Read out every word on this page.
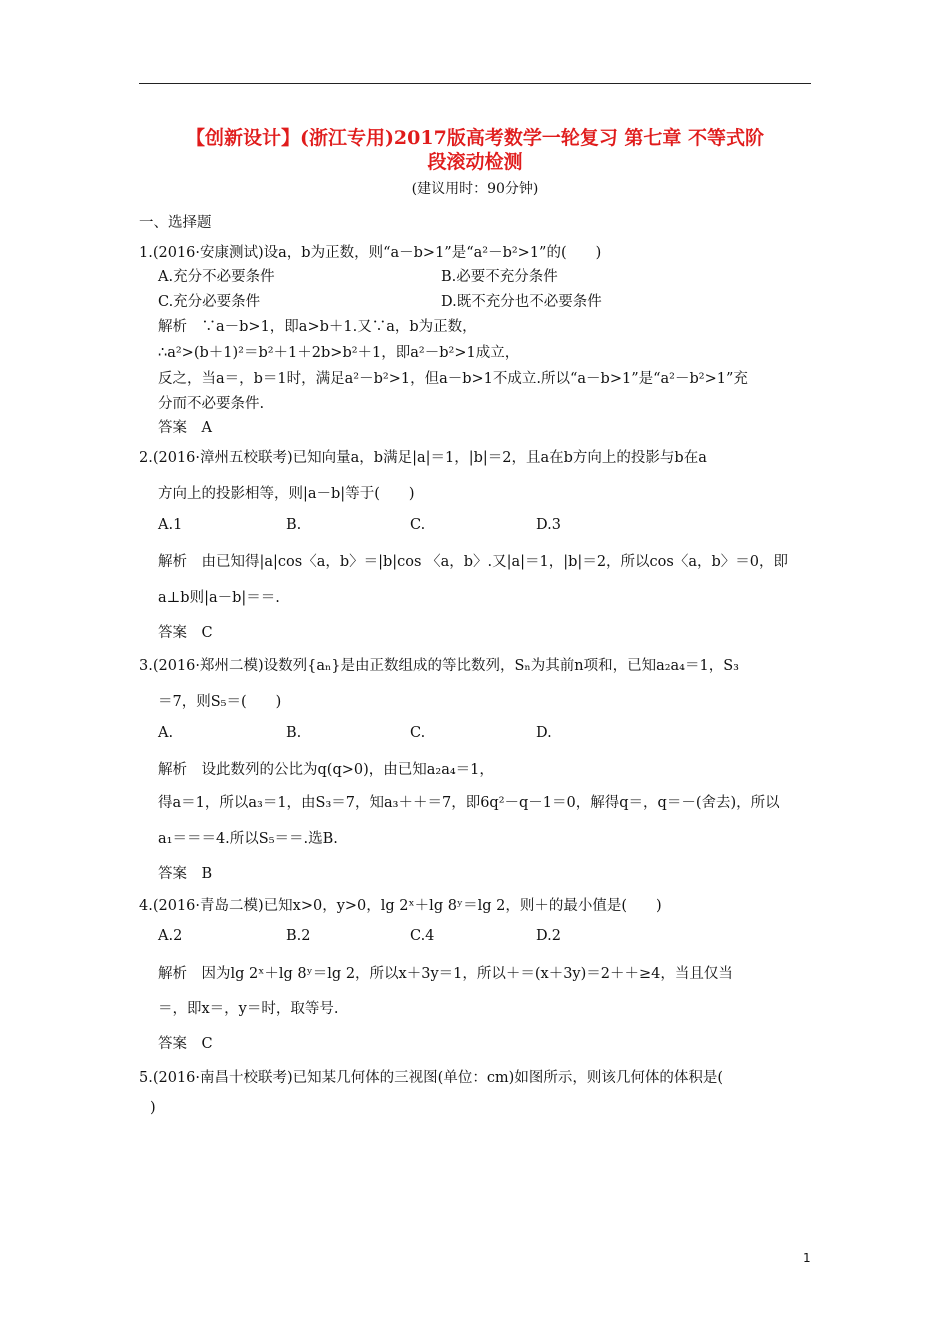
【创新设计】(浙江专用)2017版高考数学一轮复习 第七章 不等式阶
段滚动检测
(建议用时：90分钟)
一、选择题
1.(2016·安康测试)设a，b为正数，则“a－b>1”是“a²－b²>1”的(　　)
A.充分不必要条件	B.必要不充分条件
C.充分必要条件	D.既不充分也不必要条件
解析　∵a－b>1，即a>b＋1.又∵a，b为正数，
∴a²>(b＋1)²＝b²＋1＋2b>b²＋1，即a²－b²>1成立，
反之，当a＝，b＝1时，满足a²－b²>1，但a－b>1不成立.所以“a－b>1”是“a²－b²>1”充
分而不必要条件.
答案　A
2.(2016·漳州五校联考)已知向量a，b满足|a|＝1，|b|＝2，且a在b方向上的投影与b在a
方向上的投影相等，则|a－b|等于(　　)
A.1	B.	C.	D.3
解析　由已知得|a|cos〈a，b〉＝|b|cos 〈a，b〉.又|a|＝1，|b|＝2，所以cos〈a，b〉＝0，即
a⊥b则|a－b|＝＝.
答案　C
3.(2016·郑州二模)设数列{aₙ}是由正数组成的等比数列，Sₙ为其前n项和，已知a₂a₄＝1，S₃
＝7，则S₅＝(　　)
A.	B.	C.	D.
解析　设此数列的公比为q(q>0)，由已知a₂a₄＝1，
得a＝1，所以a₃＝1，由S₃＝7，知a₃＋＋＝7，即6q²－q－1＝0，解得q＝，q＝－(舍去)，所以
a₁＝＝＝4.所以S₅＝＝.选B.
答案　B
4.(2016·青岛二模)已知x>0，y>0，lg 2ˣ＋lg 8ʸ＝lg 2，则＋的最小值是(　　)
A.2	B.2	C.4	D.2
解析　因为lg 2ˣ＋lg 8ʸ＝lg 2，所以x＋3y＝1，所以＋＝(x＋3y)＝2＋＋≥4，当且仅当
＝，即x＝，y＝时，取等号.
答案　C
5.(2016·南昌十校联考)已知某几何体的三视图(单位：cm)如图所示，则该几何体的体积是(
)
1
